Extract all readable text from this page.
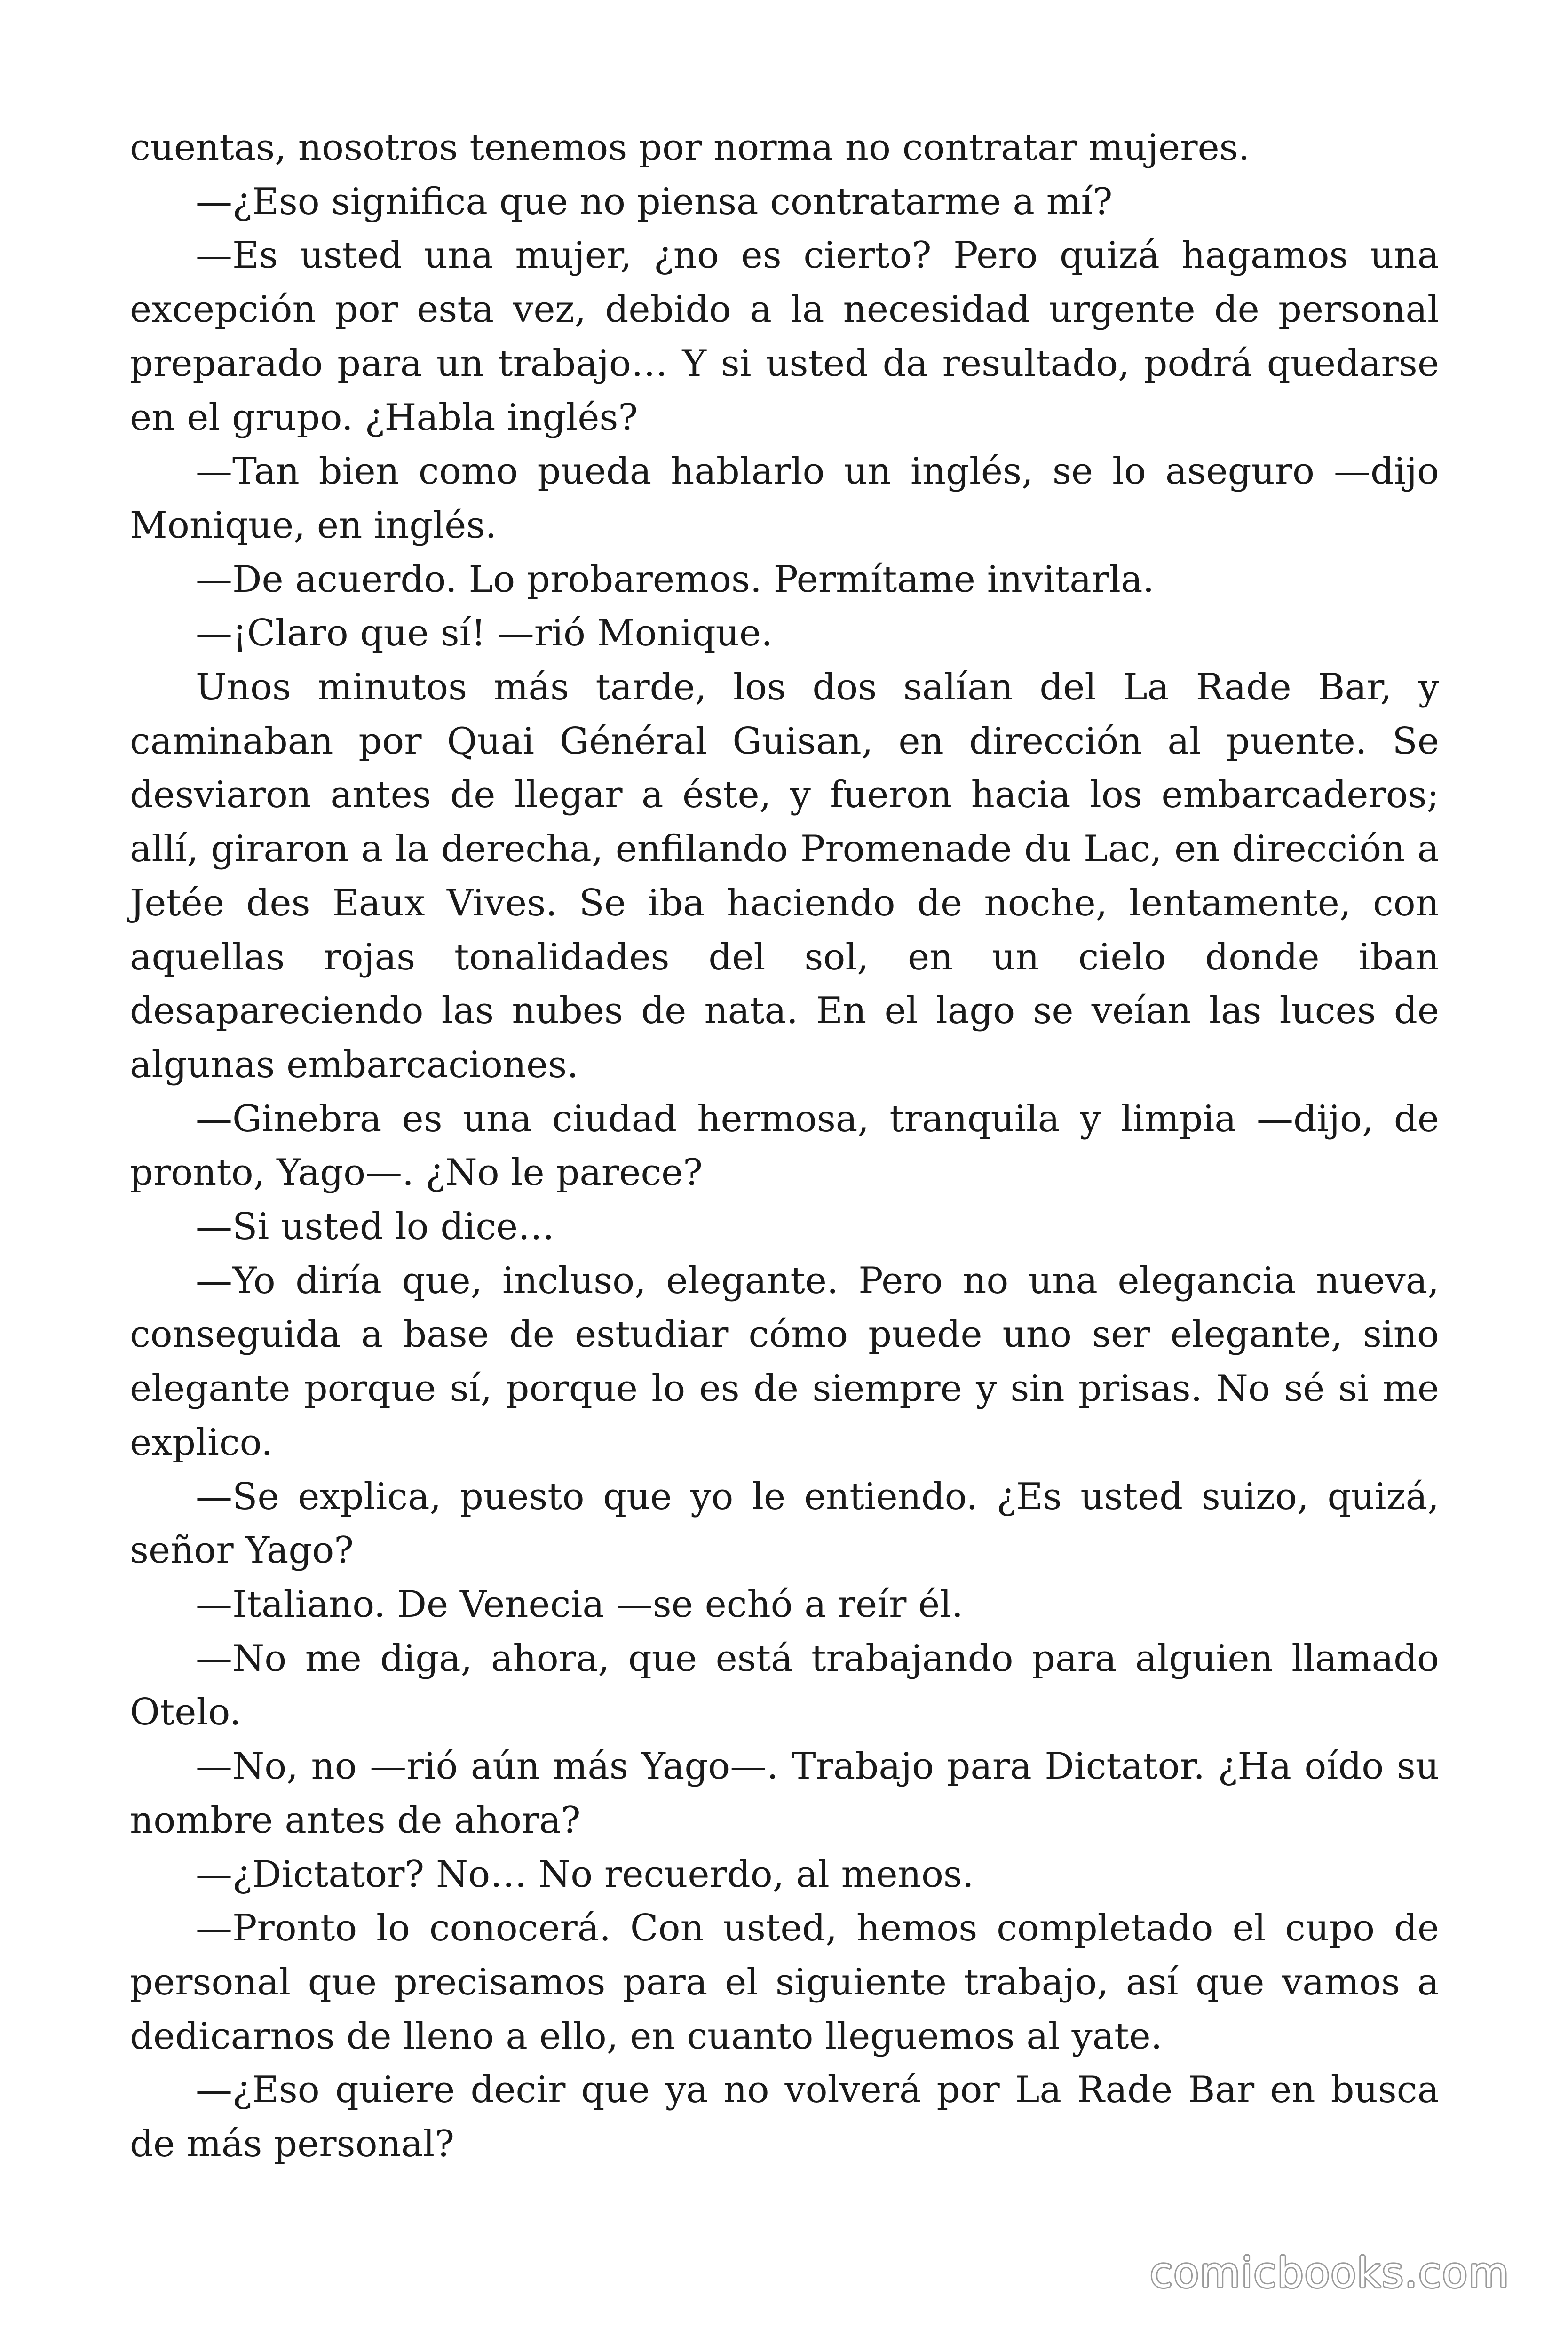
cuentas, nosotros tenemos por norma no contratar mujeres.

—¿Eso significa que no piensa contratarme a mí?

—Es usted una mujer, ¿no es cierto? Pero quizá hagamos una excepción por esta vez, debido a la necesidad urgente de personal preparado para un trabajo… Y si usted da resultado, podrá quedarse en el grupo. ¿Habla inglés?

—Tan bien como pueda hablarlo un inglés, se lo aseguro —dijo Monique, en inglés.

—De acuerdo. Lo probaremos. Permítame invitarla.

—¡Claro que sí! —rió Monique.

Unos minutos más tarde, los dos salían del La Rade Bar, y caminaban por Quai Général Guisan, en dirección al puente. Se desviaron antes de llegar a éste, y fueron hacia los embarcaderos; allí, giraron a la derecha, enfilando Promenade du Lac, en dirección a Jetée des Eaux Vives. Se iba haciendo de noche, lentamente, con aquellas rojas tonalidades del sol, en un cielo donde iban desapareciendo las nubes de nata. En el lago se veían las luces de algunas embarcaciones.

—Ginebra es una ciudad hermosa, tranquila y limpia —dijo, de pronto, Yago—. ¿No le parece?

—Si usted lo dice…

—Yo diría que, incluso, elegante. Pero no una elegancia nueva, conseguida a base de estudiar cómo puede uno ser elegante, sino elegante porque sí, porque lo es de siempre y sin prisas. No sé si me explico.

—Se explica, puesto que yo le entiendo. ¿Es usted suizo, quizá, señor Yago?

—Italiano. De Venecia —se echó a reír él.

—No me diga, ahora, que está trabajando para alguien llamado Otelo.

—No, no —rió aún más Yago—. Trabajo para Dictator. ¿Ha oído su nombre antes de ahora?

—¿Dictator? No… No recuerdo, al menos.

—Pronto lo conocerá. Con usted, hemos completado el cupo de personal que precisamos para el siguiente trabajo, así que vamos a dedicarnos de lleno a ello, en cuanto lleguemos al yate.

—¿Eso quiere decir que ya no volverá por La Rade Bar en busca de más personal?

comicbooks.com
